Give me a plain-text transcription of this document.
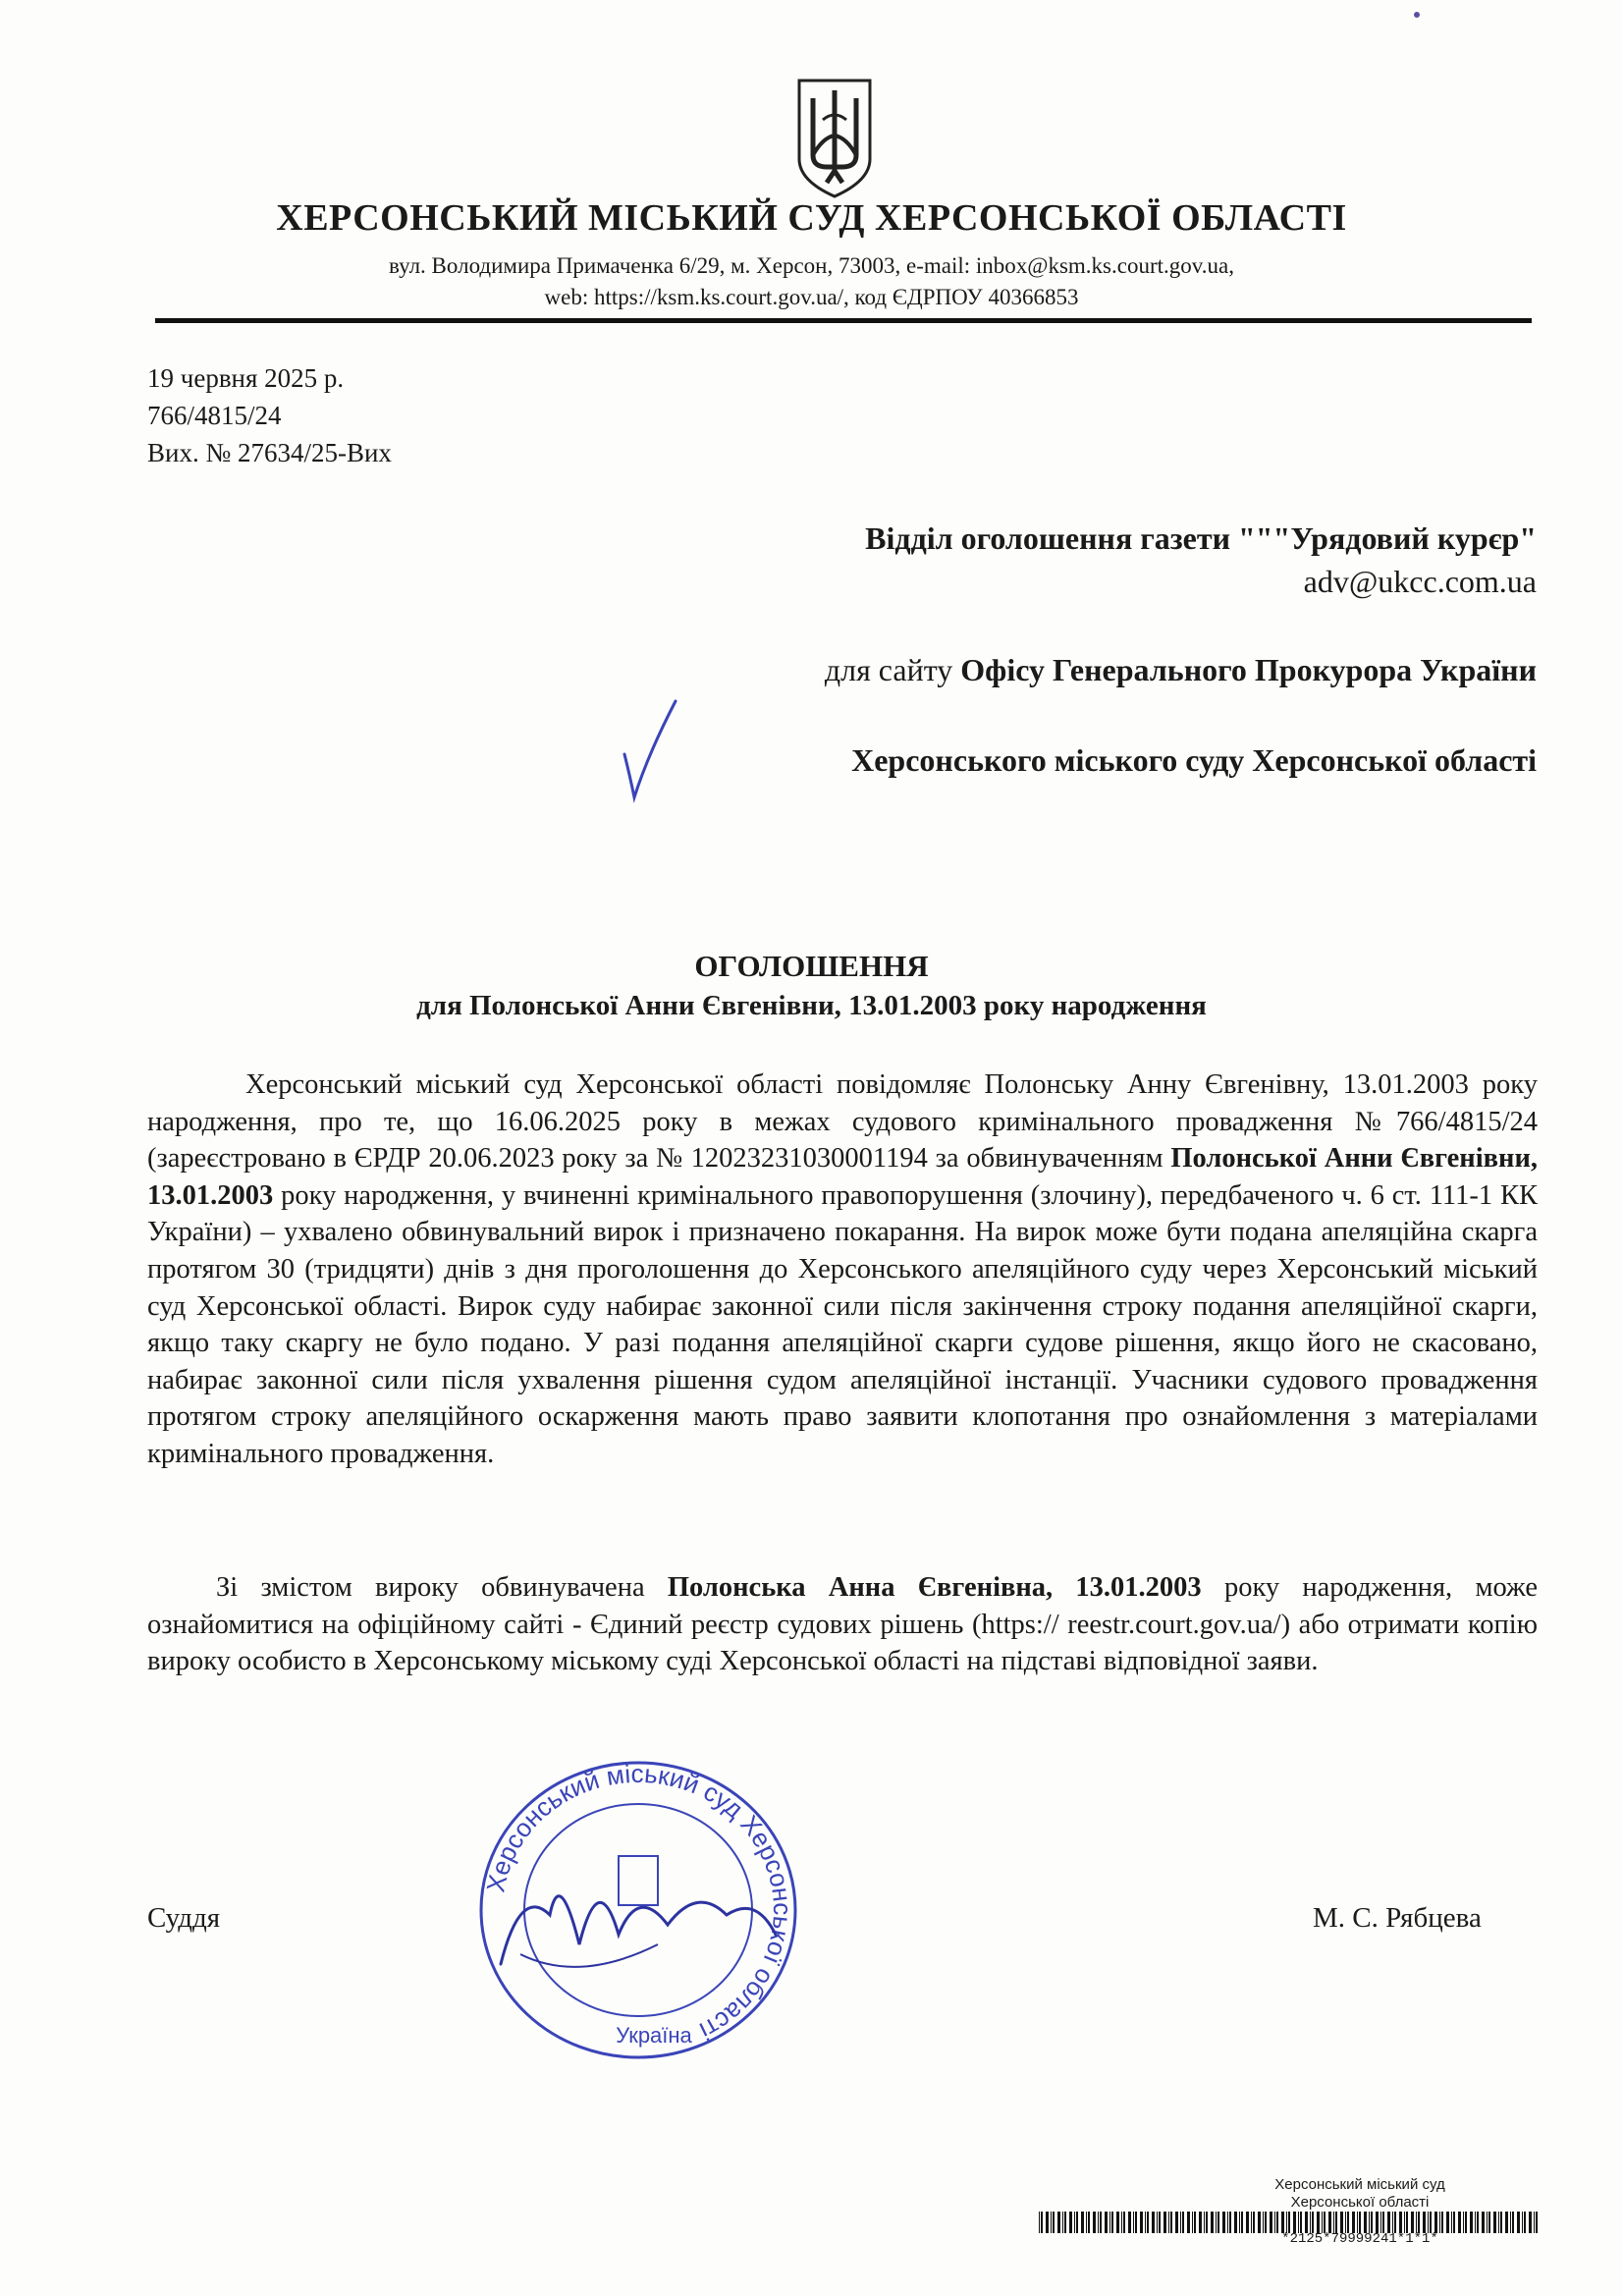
ХЕРСОНСЬКИЙ МІСЬКИЙ СУД ХЕРСОНСЬКОЇ ОБЛАСТІ
вул. Володимира Примаченка 6/29, м. Херсон, 73003, e-mail: inbox@ksm.ks.court.gov.ua,
web: https://ksm.ks.court.gov.ua/, код ЄДРПОУ 40366853
19 червня 2025 р.
766/4815/24
Вих. № 27634/25-Вих
Відділ оголошення газети """Урядовий курєр"
adv@ukcc.com.ua
для сайту Офісу Генерального Прокурора України
Херсонського міського суду Херсонської області
ОГОЛОШЕННЯ
для Полонської Анни Євгенівни, 13.01.2003 року народження
Херсонський міський суд Херсонської області повідомляє Полонську Анну Євгенівну, 13.01.2003 року народження, про те, що 16.06.2025 року в межах судового кримінального провадження №766/4815/24 (зареєстровано в ЄРДР 20.06.2023 року за № 12023231030001194 за обвинуваченням Полонської Анни Євгенівни, 13.01.2003 року народження, у вчиненні кримінального правопорушення (злочину), передбаченого ч. 6 ст. 111-1 КК України) – ухвалено обвинувальний вирок і призначено покарання. На вирок може бути подана апеляційна скарга протягом 30 (тридцяти) днів з дня проголошення до Херсонського апеляційного суду через Херсонський міський суд Херсонської області. Вирок суду набирає законної сили після закінчення строку подання апеляційної скарги, якщо таку скаргу не було подано. У разі подання апеляційної скарги судове рішення, якщо його не скасовано, набирає законної сили після ухвалення рішення судом апеляційної інстанції. Учасники судового провадження протягом строку апеляційного оскарження мають право заявити клопотання про ознайомлення з матеріалами кримінального провадження.
Зі змістом вироку обвинувачена Полонська Анна Євгенівна, 13.01.2003 року народження, може ознайомитися на офіційному сайті - Єдиний реєстр судових рішень (https:// reestr.court.gov.ua/) або отримати копію вироку особисто в Херсонському міському суді Херсонської області на підставі відповідної заяви.
Суддя	М. С. Рябцева
Херсонський міський суд Херсонської області
Україна
Херсонський міський суд
Херсонської області
*2125*79999241*1*1*
